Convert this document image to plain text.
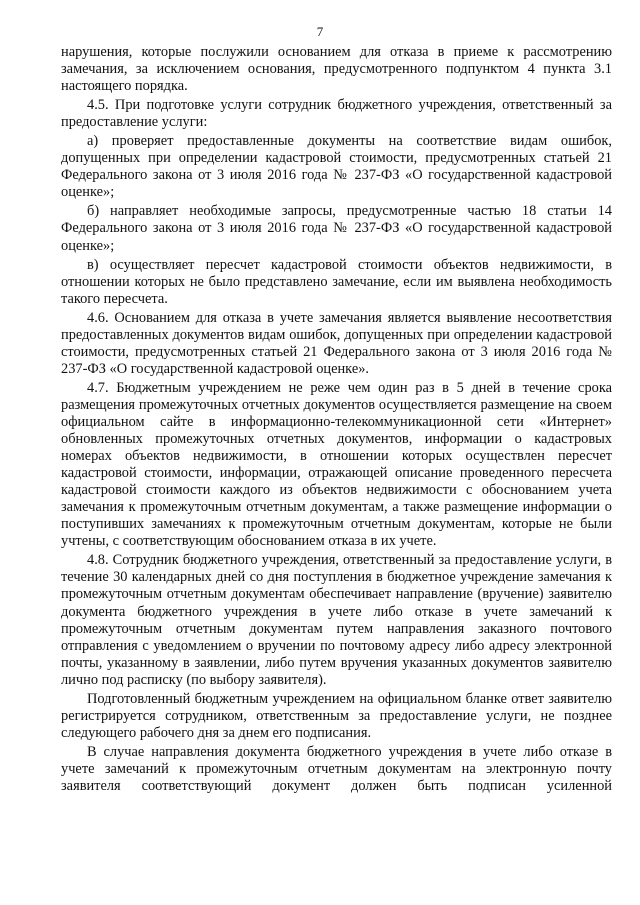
7

нарушения, которые послужили основанием для отказа в приеме к рассмотрению замечания, за исключением основания, предусмотренного подпунктом 4 пункта 3.1 настоящего порядка.

4.5. При подготовке услуги сотрудник бюджетного учреждения, ответственный за предоставление услуги:

а) проверяет предоставленные документы на соответствие видам ошибок, допущенных при определении кадастровой стоимости, предусмотренных статьей 21 Федерального закона от 3 июля 2016 года № 237-ФЗ «О государственной кадастровой оценке»;

б) направляет необходимые запросы, предусмотренные частью 18 статьи 14 Федерального закона от 3 июля 2016 года № 237-ФЗ «О государственной кадастровой оценке»;

в) осуществляет пересчет кадастровой стоимости объектов недвижимости, в отношении которых не было представлено замечание, если им выявлена необходимость такого пересчета.

4.6. Основанием для отказа в учете замечания является выявление несоответствия предоставленных документов видам ошибок, допущенных при определении кадастровой стоимости, предусмотренных статьей 21 Федерального закона от 3 июля 2016 года № 237-ФЗ «О государственной кадастровой оценке».

4.7. Бюджетным учреждением не реже чем один раз в 5 дней в течение срока размещения промежуточных отчетных документов осуществляется размещение на своем официальном сайте в информационно-телекоммуникационной сети «Интернет» обновленных промежуточных отчетных документов, информации о кадастровых номерах объектов недвижимости, в отношении которых осуществлен пересчет кадастровой стоимости, информации, отражающей описание проведенного пересчета кадастровой стоимости каждого из объектов недвижимости с обоснованием учета замечания к промежуточным отчетным документам, а также размещение информации о поступивших замечаниях к промежуточным отчетным документам, которые не были учтены, с соответствующим обоснованием отказа в их учете.

4.8. Сотрудник бюджетного учреждения, ответственный за предоставление услуги, в течение 30 календарных дней со дня поступления в бюджетное учреждение замечания к промежуточным отчетным документам обеспечивает направление (вручение) заявителю документа бюджетного учреждения в учете либо отказе в учете замечаний к промежуточным отчетным документам путем направления заказного почтового отправления с уведомлением о вручении по почтовому адресу либо адресу электронной почты, указанному в заявлении, либо путем вручения указанных документов заявителю лично под расписку (по выбору заявителя).

Подготовленный бюджетным учреждением на официальном бланке ответ заявителю регистрируется сотрудником, ответственным за предоставление услуги, не позднее следующего рабочего дня за днем его подписания.

В случае направления документа бюджетного учреждения в учете либо отказе в учете замечаний к промежуточным отчетным документам на электронную почту заявителя соответствующий документ должен быть подписан усиленной
